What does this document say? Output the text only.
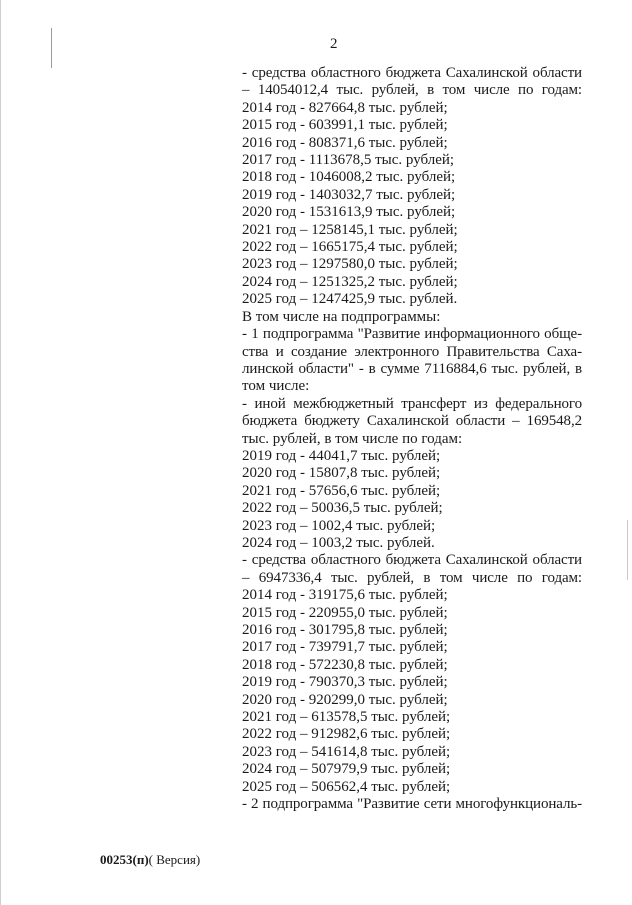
2
- средства областного бюджета Сахалинской области
– 14054012,4 тыс. рублей, в том числе по годам:
2014 год - 827664,8 тыс. рублей;
2015 год - 603991,1 тыс. рублей;
2016 год - 808371,6 тыс. рублей;
2017 год - 1113678,5 тыс. рублей;
2018 год - 1046008,2 тыс. рублей;
2019 год - 1403032,7 тыс. рублей;
2020 год - 1531613,9 тыс. рублей;
2021 год – 1258145,1 тыс. рублей;
2022 год – 1665175,4 тыс. рублей;
2023 год – 1297580,0 тыс. рублей;
2024 год – 1251325,2 тыс. рублей;
2025 год – 1247425,9 тыс. рублей.
В том числе на подпрограммы:
- 1 подпрограмма "Развитие информационного обще-
ства и создание электронного Правительства Саха-
линской области" - в сумме 7116884,6 тыс. рублей, в
том числе:
- иной межбюджетный трансферт из федерального
бюджета бюджету Сахалинской области – 169548,2
тыс. рублей, в том числе по годам:
2019 год - 44041,7 тыс. рублей;
2020 год - 15807,8 тыс. рублей;
2021 год - 57656,6 тыс. рублей;
2022 год – 50036,5 тыс. рублей;
2023 год – 1002,4 тыс. рублей;
2024 год – 1003,2 тыс. рублей.
- средства областного бюджета Сахалинской области
– 6947336,4 тыс. рублей, в том числе по годам:
2014 год - 319175,6 тыс. рублей;
2015 год - 220955,0 тыс. рублей;
2016 год - 301795,8 тыс. рублей;
2017 год - 739791,7 тыс. рублей;
2018 год - 572230,8 тыс. рублей;
2019 год - 790370,3 тыс. рублей;
2020 год - 920299,0 тыс. рублей;
2021 год – 613578,5 тыс. рублей;
2022 год – 912982,6 тыс. рублей;
2023 год – 541614,8 тыс. рублей;
2024 год – 507979,9 тыс. рублей;
2025 год – 506562,4 тыс. рублей;
- 2 подпрограмма "Развитие сети многофункциональ-
00253(п)( Версия)
